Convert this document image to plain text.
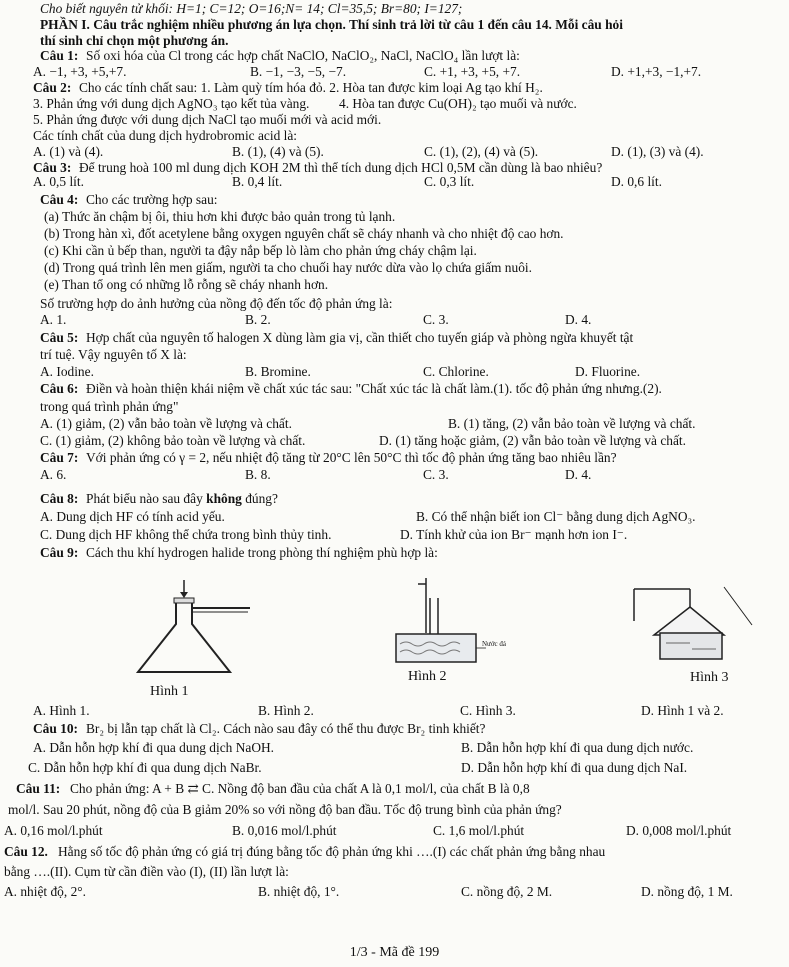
Cho biết nguyên tử khối: H=1; C=12; O=16;N= 14; Cl=35,5; Br=80; I=127;
PHẦN I. Câu trắc nghiệm nhiều phương án lựa chọn. Thí sinh trả lời từ câu 1 đến câu 14. Mỗi câu hỏi
thí sinh chỉ chọn một phương án.
Câu 1: Số oxi hóa của Cl trong các hợp chất NaClO, NaClO₂, NaCl, NaClO₄ lần lượt là:
A. −1, +3, +5,+7.	B. −1, −3, −5, −7.	C. +1, +3, +5, +7.	D. +1,+3, −1,+7.
Câu 2: Cho các tính chất sau: 1. Làm quỳ tím hóa đỏ. 2. Hòa tan được kim loại Ag tạo khí H₂.
3. Phản ứng với dung dịch AgNO₃ tạo kết tủa vàng. 4. Hòa tan được Cu(OH)₂ tạo muối và nước.
5. Phản ứng được với dung dịch NaCl tạo muối mới và acid mới.
Các tính chất của dung dịch hydrobromic acid là:
A. (1) và (4).	B. (1), (4) và (5).	C. (1), (2), (4) và (5).	D. (1), (3) và (4).
Câu 3: Để trung hoà 100 ml dung dịch KOH 2M thì thể tích dung dịch HCl 0,5M cần dùng là bao nhiêu?
A. 0,5 lít.	B. 0,4 lít.	C. 0,3 lít.	D. 0,6 lít.
Câu 4: Cho các trường hợp sau:
(a) Thức ăn chậm bị ôi, thiu hơn khi được bảo quản trong tủ lạnh.
(b) Trong hàn xì, đốt acetylene bằng oxygen nguyên chất sẽ cháy nhanh và cho nhiệt độ cao hơn.
(c) Khi cần ủ bếp than, người ta đậy nắp bếp lò làm cho phản ứng cháy chậm lại.
(d) Trong quá trình lên men giấm, người ta cho chuối hay nước dừa vào lọ chứa giấm nuôi.
(e) Than tổ ong có những lỗ rỗng sẽ cháy nhanh hơn.
Số trường hợp do ảnh hưởng của nồng độ đến tốc độ phản ứng là:
A. 1.	B. 2.	C. 3.	D. 4.
Câu 5: Hợp chất của nguyên tố halogen X dùng làm gia vị, cần thiết cho tuyến giáp và phòng ngừa khuyết tật
trí tuệ. Vậy nguyên tố X là:
A. Iodine.	B. Bromine.	C. Chlorine.	D. Fluorine.
Câu 6: Điền và hoàn thiện khái niệm về chất xúc tác sau: "Chất xúc tác là chất làm.(1). tốc độ phản ứng nhưng.(2).
trong quá trình phản ứng"
A. (1) giảm, (2) vẫn bảo toàn về lượng và chất.	B. (1) tăng, (2) vẫn bảo toàn về lượng và chất.
C. (1) giảm, (2) không bảo toàn về lượng và chất.	D. (1) tăng hoặc giảm, (2) vẫn bảo toàn về lượng và chất.
Câu 7: Với phản ứng có γ = 2, nếu nhiệt độ tăng từ 20°C lên 50°C thì tốc độ phản ứng tăng bao nhiêu lần?
A. 6.	B. 8.	C. 3.	D. 4.
Câu 8: Phát biểu nào sau đây không đúng?
A. Dung dịch HF có tính acid yếu.	B. Có thể nhận biết ion Cl⁻ bằng dung dịch AgNO₃.
C. Dung dịch HF không thể chứa trong bình thủy tinh.	D. Tính khử của ion Br⁻ mạnh hơn ion I⁻.
Câu 9: Cách thu khí hydrogen halide trong phòng thí nghiệm phù hợp là:
Hình 1
Nước đá
Hình 2	Hình 3
A. Hình 1.	B. Hình 2.	C. Hình 3.	D. Hình 1 và 2.
Câu 10: Br₂ bị lẫn tạp chất là Cl₂. Cách nào sau đây có thể thu được Br₂ tinh khiết?
A. Dẫn hỗn hợp khí đi qua dung dịch NaOH.	B. Dẫn hỗn hợp khí đi qua dung dịch nước.
C. Dẫn hỗn hợp khí đi qua dung dịch NaBr.	D. Dẫn hỗn hợp khí đi qua dung dịch NaI.
Câu 11: Cho phản ứng: A + B ⇄ C. Nồng độ ban đầu của chất A là 0,1 mol/l, của chất B là 0,8
mol/l. Sau 20 phút, nồng độ của B giảm 20% so với nồng độ ban đầu. Tốc độ trung bình của phản ứng?
A. 0,16 mol/l.phút	B. 0,016 mol/l.phút	C. 1,6 mol/l.phút	D. 0,008 mol/l.phút
Câu 12. Hằng số tốc độ phản ứng có giá trị đúng bằng tốc độ phản ứng khi ….(I) các chất phản ứng bằng nhau
bằng ….(II). Cụm từ cần điền vào (I), (II) lần lượt là:
A. nhiệt độ, 2°.	B. nhiệt độ, 1°.	C. nồng độ, 2 M.	D. nồng độ, 1 M.
1/3 - Mã đề 199
